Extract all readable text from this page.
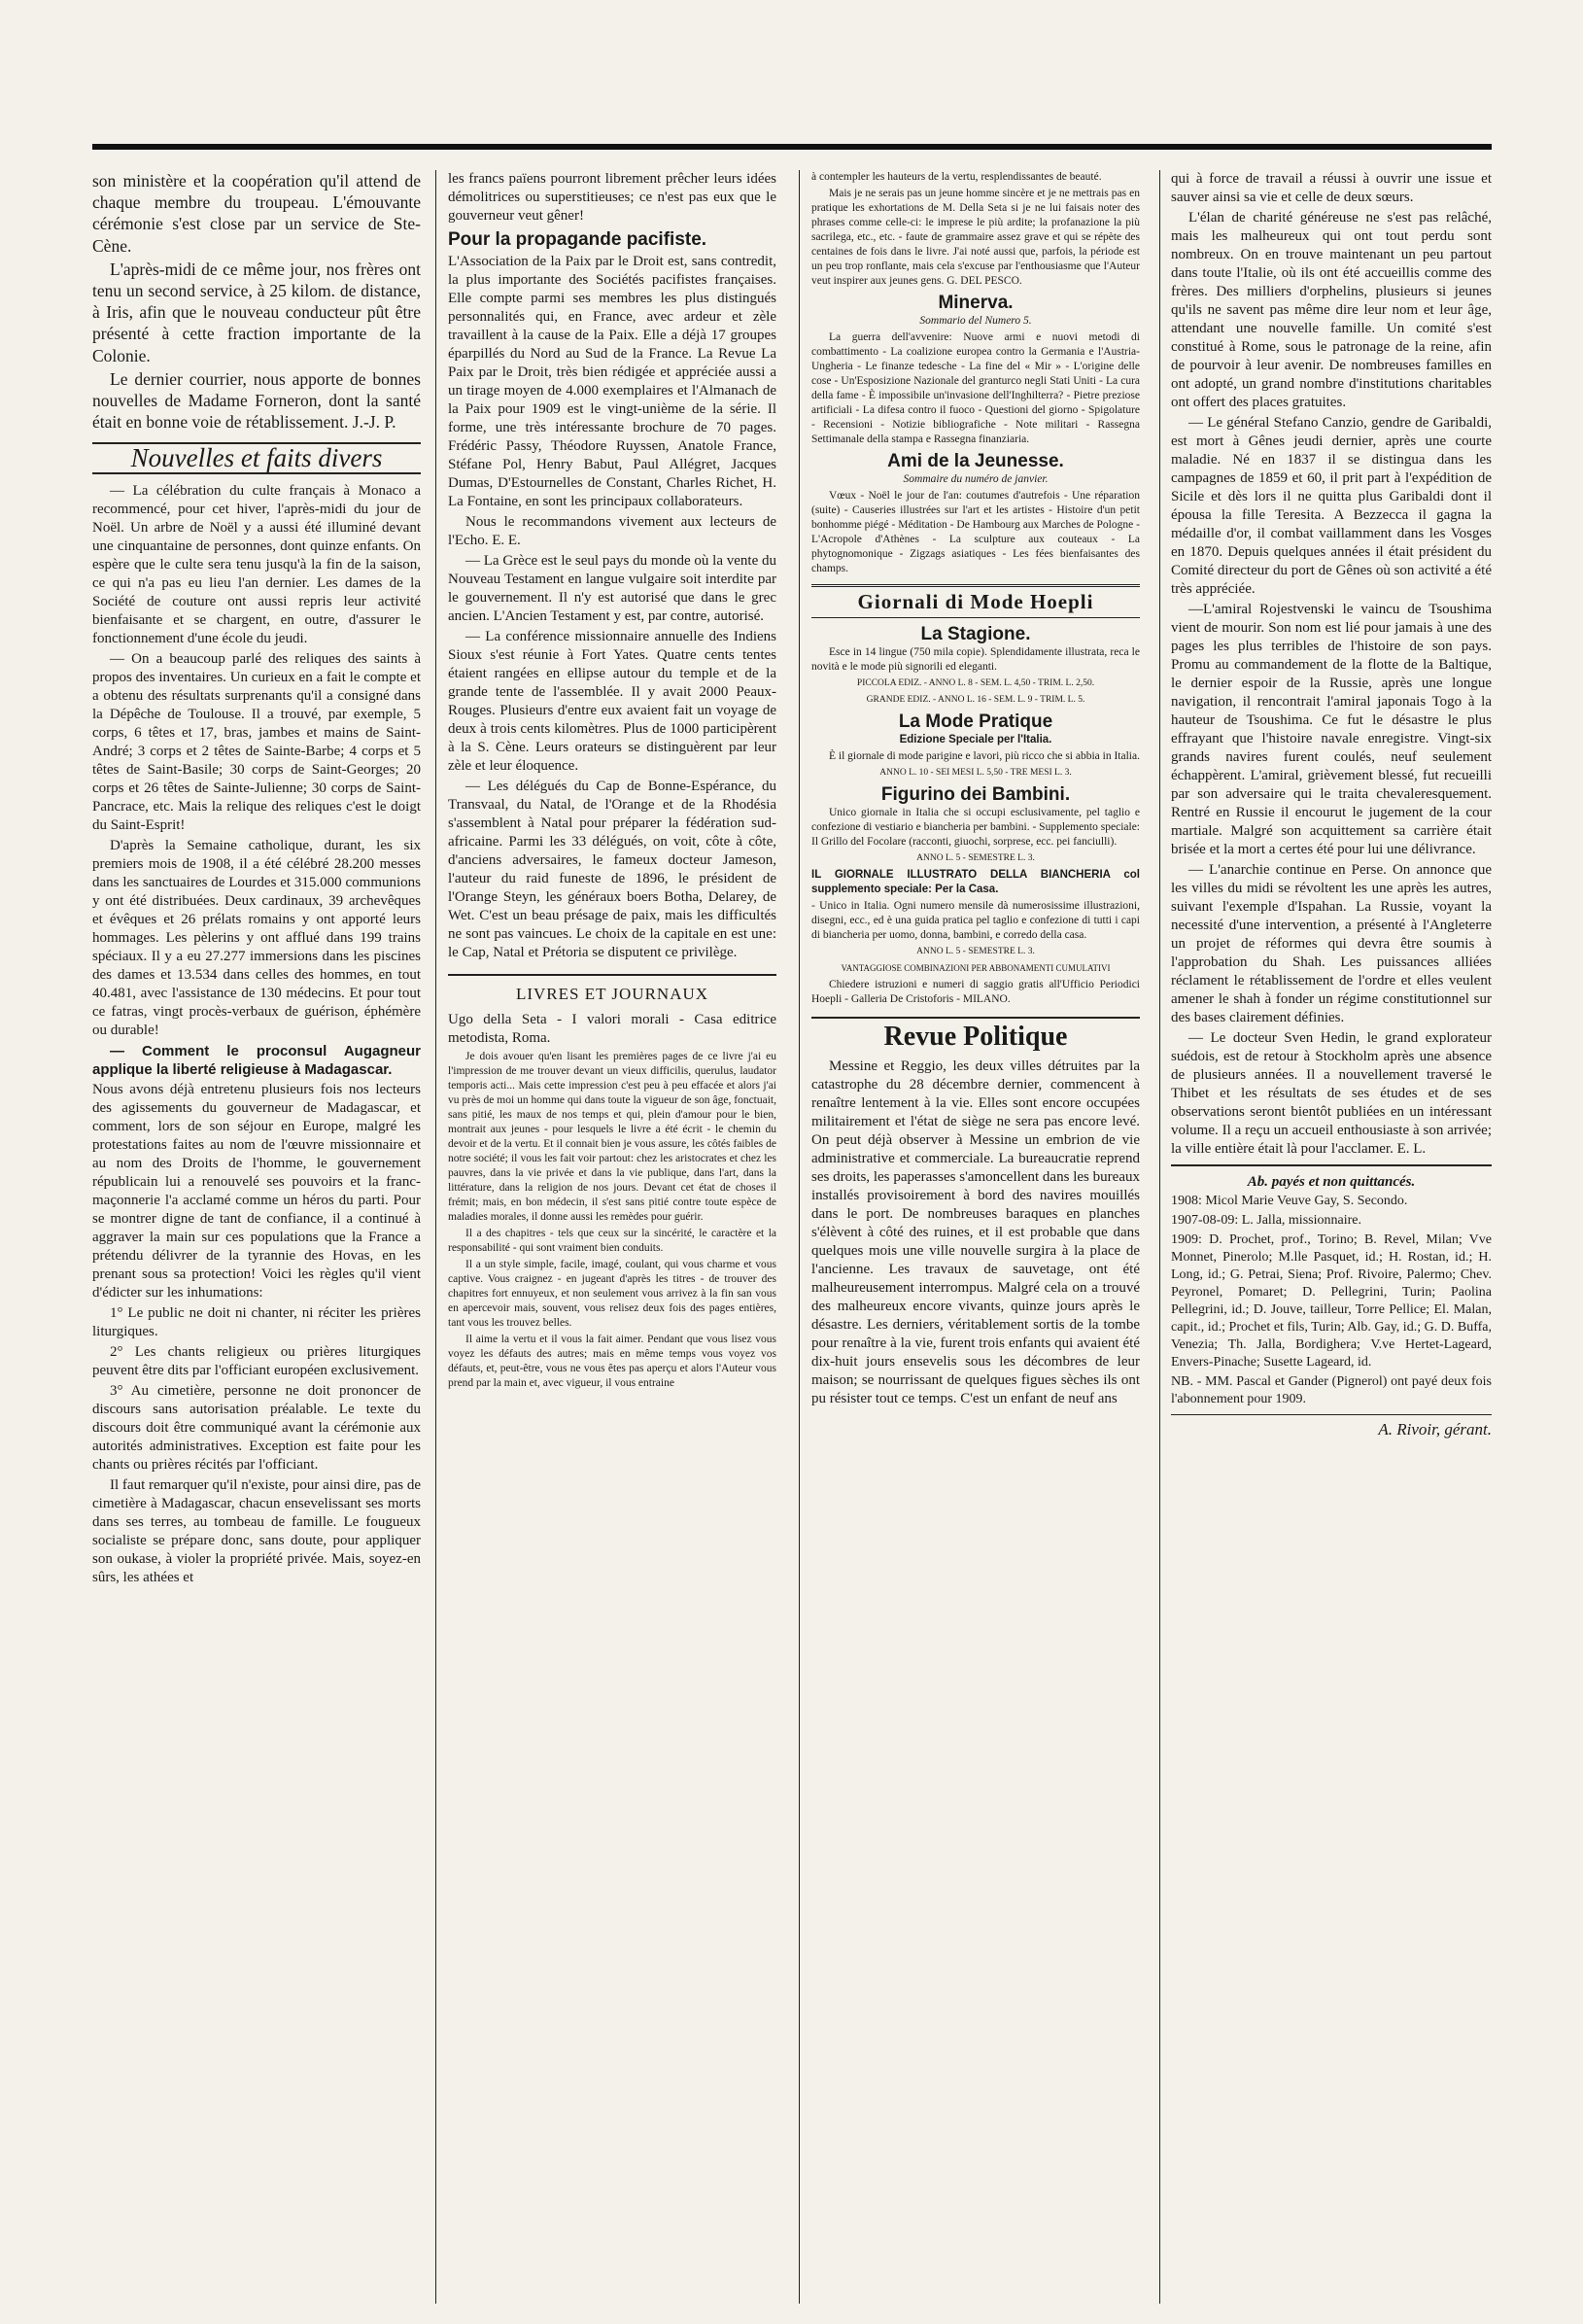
son ministère et la coopération qu'il attend de chaque membre du troupeau. L'émouvante cérémonie s'est close par un service de Ste-Cène.

L'après-midi de ce même jour, nos frères ont tenu un second service, à 25 kilom. de distance, à Iris, afin que le nouveau conducteur pût être présenté à cette fraction importante de la Colonie.

Le dernier courrier, nous apporte de bonnes nouvelles de Madame Forneron, dont la santé était en bonne voie de rétablissement. J.-J. P.

Nouvelles et faits divers

— La célébration du culte français à Monaco a recommencé, pour cet hiver, l'après-midi du jour de Noël. Un arbre de Noël y a aussi été illuminé devant une cinquantaine de personnes, dont quinze enfants. On espère que le culte sera tenu jusqu'à la fin de la saison, ce qui n'a pas eu lieu l'an dernier. Les dames de la Société de couture ont aussi repris leur activité bienfaisante et se chargent, en outre, d'assurer le fonctionnement d'une école du jeudi.

— On a beaucoup parlé des reliques des saints à propos des inventaires. Un curieux en a fait le compte et a obtenu des résultats surprenants qu'il a consigné dans la Dépêche de Toulouse. Il a trouvé, par exemple, 5 corps, 6 têtes et 17, bras, jambes et mains de Saint-André; 3 corps et 2 têtes de Sainte-Barbe; 4 corps et 5 têtes de Saint-Basile; 30 corps de Saint-Georges; 20 corps et 26 têtes de Sainte-Julienne; 30 corps de Saint-Pancrace, etc. Mais la relique des reliques c'est le doigt du Saint-Esprit!

D'après la Semaine catholique, durant, les six premiers mois de 1908, il a été célébré 28.200 messes dans les sanctuaires de Lourdes et 315.000 communions y ont été distribuées. Deux cardinaux, 39 archevêques et évêques et 26 prélats romains y ont apporté leurs hommages. Les pèlerins y ont afflué dans 199 trains spéciaux. Il y a eu 27.277 immersions dans les piscines des dames et 13.534 dans celles des hommes, en tout 40.481, avec l'assistance de 130 médecins. Et pour tout ce fatras, vingt procès-verbaux de guérison, éphémère ou durable!

— Comment le proconsul Augagneur applique la liberté religieuse à Madagascar.

Nous avons déjà entretenu plusieurs fois nos lecteurs des agissements du gouverneur de Madagascar, et comment, lors de son séjour en Europe, malgré les protestations faites au nom de l'œuvre missionnaire et au nom des Droits de l'homme, le gouvernement républicain lui a renouvelé ses pouvoirs et la franc-maçonnerie l'a acclamé comme un héros du parti. Pour se montrer digne de tant de confiance, il a continué à aggraver la main sur ces populations que la France a prétendu délivrer de la tyrannie des Hovas, en les prenant sous sa protection! Voici les règles qu'il vient d'édicter sur les inhumations:

1° Le public ne doit ni chanter, ni réciter les prières liturgiques.

2° Les chants religieux ou prières liturgiques peuvent être dits par l'officiant européen exclusivement.

3° Au cimetière, personne ne doit prononcer de discours sans autorisation préalable. Le texte du discours doit être communiqué avant la cérémonie aux autorités administratives. Exception est faite pour les chants ou prières récités par l'officiant.

Il faut remarquer qu'il n'existe, pour ainsi dire, pas de cimetière à Madagascar, chacun ensevelissant ses morts dans ses terres, au tombeau de famille. Le fougueux socialiste se prépare donc, sans doute, pour appliquer son oukase, à violer la propriété privée. Mais, soyez-en sûrs, les athées et

les francs païens pourront librement prêcher leurs idées démolitrices ou superstitieuses; ce n'est pas eux que le gouverneur veut gêner!

Pour la propagande pacifiste.

L'Association de la Paix par le Droit est, sans contredit, la plus importante des Sociétés pacifistes françaises. Elle compte parmi ses membres les plus distingués personnalités qui, en France, avec ardeur et zèle travaillent à la cause de la Paix. Elle a déjà 17 groupes éparpillés du Nord au Sud de la France. La Revue La Paix par le Droit, très bien rédigée et appréciée aussi a un tirage moyen de 4.000 exemplaires et l'Almanach de la Paix pour 1909 est le vingt-unième de la série. Il forme, une très intéressante brochure de 70 pages. Frédéric Passy, Théodore Ruyssen, Anatole France, Stéfane Pol, Henry Babut, Paul Allégret, Jacques Dumas, D'Estournelles de Constant, Charles Richet, H. La Fontaine, en sont les principaux collaborateurs.

Nous le recommandons vivement aux lecteurs de l'Echo. E. E.

— La Grèce est le seul pays du monde où la vente du Nouveau Testament en langue vulgaire soit interdite par le gouvernement. Il n'y est autorisé que dans le grec ancien. L'Ancien Testament y est, par contre, autorisé.

— La conférence missionnaire annuelle des Indiens Sioux s'est réunie à Fort Yates. Quatre cents tentes étaient rangées en ellipse autour du temple et de la grande tente de l'assemblée. Il y avait 2000 Peaux-Rouges. Plusieurs d'entre eux avaient fait un voyage de deux à trois cents kilomètres. Plus de 1000 participèrent à la S. Cène. Leurs orateurs se distinguèrent par leur zèle et leur éloquence.

— Les délégués du Cap de Bonne-Espérance, du Transvaal, du Natal, de l'Orange et de la Rhodésia s'assemblent à Natal pour préparer la fédération sud-africaine. Parmi les 33 délégués, on voit, côte à côte, d'anciens adversaires, le fameux docteur Jameson, l'auteur du raid funeste de 1896, le président de l'Orange Steyn, les généraux boers Botha, Delarey, de Wet. C'est un beau présage de paix, mais les difficultés ne sont pas vaincues. Le choix de la capitale en est une: le Cap, Natal et Prétoria se disputent ce privilège.

LIVRES ET JOURNAUX

Ugo della Seta - I valori morali - Casa editrice metodista, Roma.

Je dois avouer qu'en lisant les premières pages de ce livre j'ai eu l'impression de me trouver devant un vieux difficilis, querulus, laudator temporis acti... Mais cette impression c'est peu à peu effacée et alors j'ai vu près de moi un homme qui dans toute la vigueur de son âge, fonctuait, sans pitié, les maux de nos temps et qui, plein d'amour pour le bien, montrait aux jeunes - pour lesquels le livre a été écrit - le chemin du devoir et de la vertu. Et il connait bien je vous assure, les côtés faibles de notre société; il vous les fait voir partout: chez les aristocrates et chez les pauvres, dans la vie privée et dans la vie publique, dans l'art, dans la littérature, dans la religion de nos jours. Devant cet état de choses il frémit; mais, en bon médecin, il s'est sans pitié contre toute espèce de maladies morales, il donne aussi les remèdes pour guérir.

Il a des chapitres - tels que ceux sur la sincérité, le caractère et la responsabilité - qui sont vraiment bien conduits.

Il a un style simple, facile, imagé, coulant, qui vous charme et vous captive. Vous craignez - en jugeant d'après les titres - de trouver des chapitres fort ennuyeux, et non seulement vous arrivez à la fin san vous en apercevoir mais, souvent, vous relisez deux fois des pages entières, tant vous les trouvez belles.

Il aime la vertu et il vous la fait aimer. Pendant que vous lisez vous voyez les défauts des autres; mais en même temps vous voyez vos défauts, et, peut-être, vous ne vous êtes pas aperçu et alors l'Auteur vous prend par la main et, avec vigueur, il vous entraine

à contempler les hauteurs de la vertu, resplendissantes de beauté.

Mais je ne serais pas un jeune homme sincère et je ne mettrais pas en pratique les exhortations de M. Della Seta si je ne lui faisais noter des phrases comme celle-ci: le imprese le più ardite; la profanazione la più sacrilega, etc., etc. - faute de grammaire assez grave et qui se répète des centaines de fois dans le livre. J'ai noté aussi que, parfois, la période est un peu trop ronflante, mais cela s'excuse par l'enthousiasme que l'Auteur veut inspirer aux jeunes gens. G. DEL PESCO.

Minerva.

Sommario del Numero 5.

La guerra dell'avvenire: Nuove armi e nuovi metodi di combattimento - La coalizione europea contro la Germania e l'Austria-Ungheria - Le finanze tedesche - La fine del « Mir » - L'origine delle cose - Un'Esposizione Nazionale del granturco negli Stati Uniti - La cura della fame - È impossibile un'invasione dell'Inghilterra? - Pietre preziose artificiali - La difesa contro il fuoco - Questioni del giorno - Spigolature - Recensioni - Notizie bibliografiche - Note militari - Rassegna Settimanale della stampa e Rassegna finanziaria.

Ami de la Jeunesse.

Sommaire du numéro de janvier.

Vœux - Noël le jour de l'an: coutumes d'autrefois - Une réparation (suite) - Causeries illustrées sur l'art et les artistes - Histoire d'un petit bonhomme piégé - Méditation - De Hambourg aux Marches de Pologne - L'Acropole d'Athènes - La sculpture aux couteaux - La phytognomonique - Zigzags asiatiques - Les fées bienfaisantes des champs.

Giornali di Mode Hoepli
La Stagione.

Esce in 14 lingue (750 mila copie). Splendidamente illustrata, reca le novità e le mode più signorili ed eleganti.

PICCOLA EDIZ. - ANNO L. 8 - SEM. L. 4,50 - TRIM. L. 2,50.

GRANDE EDIZ. - ANNO L. 16 - SEM. L. 9 - TRIM. L. 5.

La Mode Pratique

Edizione Speciale per l'Italia.

È il giornale di mode parigine e lavori, più ricco che si abbia in Italia.

ANNO L. 10 - SEI MESI L. 5,50 - TRE MESI L. 3.

Figurino dei Bambini.

Unico giornale in Italia che si occupi esclusivamente, pel taglio e confezione di vestiario e biancheria per bambini. - Supplemento speciale: Il Grillo del Focolare (racconti, giuochi, sorprese, ecc. pei fanciulli).

ANNO L. 5 - SEMESTRE L. 3.

IL GIORNALE ILLUSTRATO DELLA BIANCHERIA col supplemento speciale: Per la Casa.

- Unico in Italia. Ogni numero mensile dà numerosissime illustrazioni, disegni, ecc., ed è una guida pratica pel taglio e confezione di tutti i capi di biancheria per uomo, donna, bambini, e corredo della casa.

ANNO L. 5 - SEMESTRE L. 3.

VANTAGGIOSE COMBINAZIONI PER ABBONAMENTI CUMULATIVI

Chiedere istruzioni e numeri di saggio gratis all'Ufficio Periodici Hoepli - Galleria De Cristoforis - MILANO.

Revue Politique

Messine et Reggio, les deux villes détruites par la catastrophe du 28 décembre dernier, commencent à renaître lentement à la vie. Elles sont encore occupées militairement et l'état de siège ne sera pas encore levé. On peut déjà observer à Messine un embrion de vie administrative et commerciale. La bureaucratie reprend ses droits, les paperasses s'amoncellent dans les bureaux installés provisoirement à bord des navires mouillés dans le port. De nombreuses baraques en planches s'élèvent à côté des ruines, et il est probable que dans quelques mois une ville nouvelle surgira à la place de l'ancienne. Les travaux de sauvetage, ont été malheureusement interrompus. Malgré cela on a trouvé des malheureux encore vivants, quinze jours après le désastre. Les derniers, véritablement sortis de la tombe pour renaître à la vie, furent trois enfants qui avaient été dix-huit jours ensevelis sous les décombres de leur maison; se nourrissant de quelques figues sèches ils ont pu résister tout ce temps. C'est un enfant de neuf ans

qui à force de travail a réussi à ouvrir une issue et sauver ainsi sa vie et celle de deux sœurs.

L'élan de charité généreuse ne s'est pas relâché, mais les malheureux qui ont tout perdu sont nombreux. On en trouve maintenant un peu partout dans toute l'Italie, où ils ont été accueillis comme des frères. Des milliers d'orphelins, plusieurs si jeunes qu'ils ne savent pas même dire leur nom et leur âge, attendant une nouvelle famille. Un comité s'est constitué à Rome, sous le patronage de la reine, afin de pourvoir à leur avenir. De nombreuses familles en ont adopté, un grand nombre d'institutions charitables ont offert des places gratuites.

— Le général Stefano Canzio, gendre de Garibaldi, est mort à Gênes jeudi dernier, après une courte maladie. Né en 1837 il se distingua dans les campagnes de 1859 et 60, il prit part à l'expédition de Sicile et dès lors il ne quitta plus Garibaldi dont il épousa la fille Teresita. A Bezzecca il gagna la médaille d'or, il combat vaillamment dans les Vosges en 1870. Depuis quelques années il était président du Comité directeur du port de Gênes où son activité a été très appréciée.

—L'amiral Rojestvenski le vaincu de Tsoushima vient de mourir. Son nom est lié pour jamais à une des pages les plus terribles de l'histoire de son pays. Promu au commandement de la flotte de la Baltique, le dernier espoir de la Russie, après une longue navigation, il rencontrait l'amiral japonais Togo à la hauteur de Tsoushima. Ce fut le désastre le plus effrayant que l'histoire navale enregistre. Vingt-six grands navires furent coulés, neuf seulement échappèrent. L'amiral, grièvement blessé, fut recueilli par son adversaire qui le traita chevaleresquement. Rentré en Russie il encourut le jugement de la cour martiale. Malgré son acquittement sa carrière était brisée et la mort a certes été pour lui une délivrance.

— L'anarchie continue en Perse. On annonce que les villes du midi se révoltent les une après les autres, suivant l'exemple d'Ispahan. La Russie, voyant la necessité d'une intervention, a présenté à l'Angleterre un projet de réformes qui devra être soumis à l'approbation du Shah. Les puissances alliées réclament le rétablissement de l'ordre et elles veulent amener le shah à fonder un régime constitutionnel sur des bases clairement définies.

— Le docteur Sven Hedin, le grand explorateur suédois, est de retour à Stockholm après une absence de plusieurs années. Il a nouvellement traversé le Thibet et les résultats de ses études et de ses observations seront bientôt publiées en un intéressant volume. Il a reçu un accueil enthousiaste à son arrivée; la ville entière était là pour l'acclamer. E. L.

Ab. payés et non quittancés.

1908: Micol Marie Veuve Gay, S. Secondo.

1907-08-09: L. Jalla, missionnaire.

1909: D. Prochet, prof., Torino; B. Revel, Milan; Vve Monnet, Pinerolo; M.lle Pasquet, id.; H. Rostan, id.; H. Long, id.; G. Petrai, Siena; Prof. Rivoire, Palermo; Chev. Peyronel, Pomaret; D. Pellegrini, Turin; Paolina Pellegrini, id.; D. Jouve, tailleur, Torre Pellice; El. Malan, capit., id.; Prochet et fils, Turin; Alb. Gay, id.; G. D. Buffa, Venezia; Th. Jalla, Bordighera; V.ve Hertet-Lageard, Envers-Pinache; Susette Lageard, id.

NB. - MM. Pascal et Gander (Pignerol) ont payé deux fois l'abonnement pour 1909.

A. Rivoir, gérant.
